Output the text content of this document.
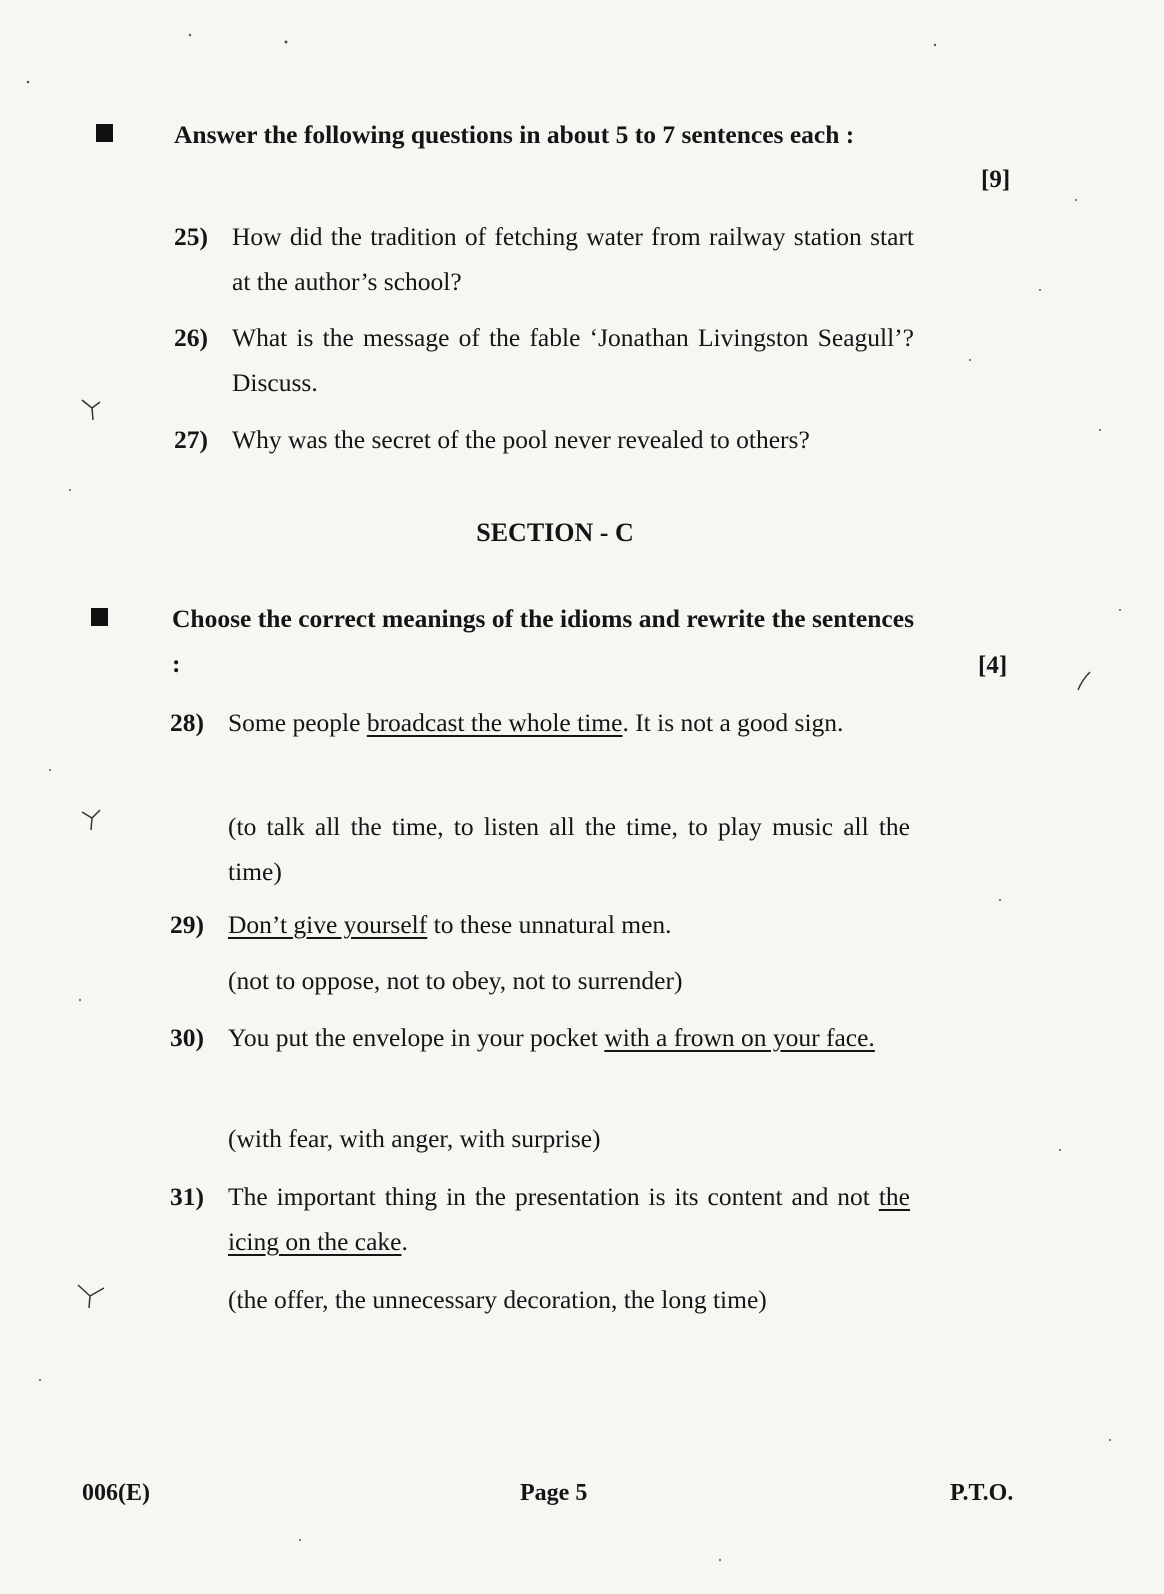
Answer the following questions in about 5 to 7 sentences each :
[9]
25) How did the tradition of fetching water from railway station start at the author’s school?
26) What is the message of the fable ‘Jonathan Livingston Seagull’? Discuss.
27) Why was the secret of the pool never revealed to others?
SECTION - C
Choose the correct meanings of the idioms and rewrite the sentences :	[4]
28) Some people broadcast the whole time. It is not a good sign.
(to talk all the time, to listen all the time, to play music all the time)
29) Don’t give yourself to these unnatural men.
(not to oppose, not to obey, not to surrender)
30) You put the envelope in your pocket with a frown on your face.
(with fear, with anger, with surprise)
31) The important thing in the presentation is its content and not the icing on the cake.
(the offer, the unnecessary decoration, the long time)
006(E)	Page 5	P.T.O.
